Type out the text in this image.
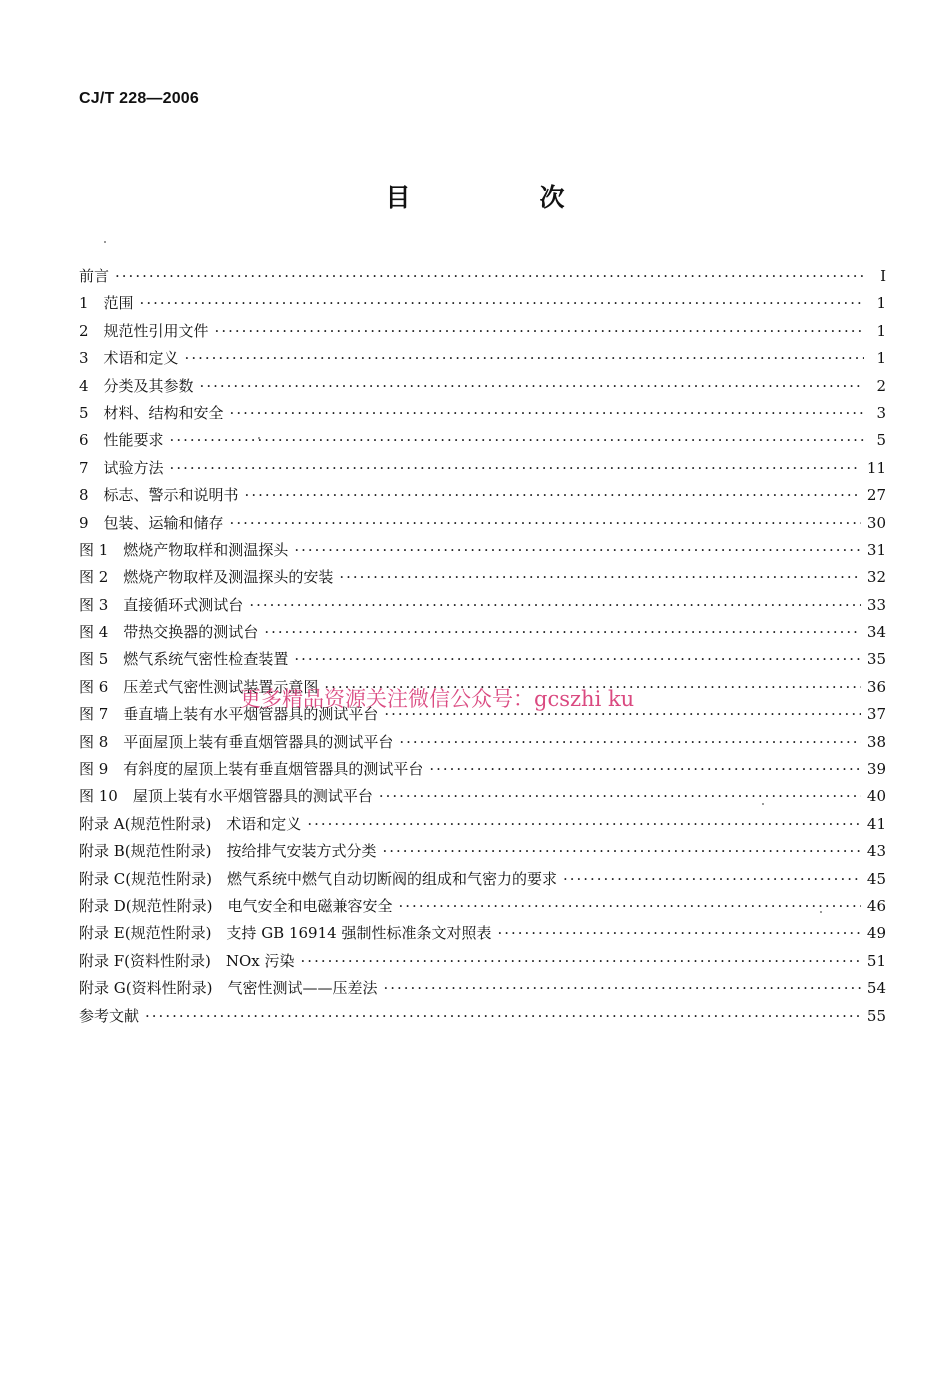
CJ/T 228—2006
目　次
前言 ·····	I
1　范围 ·····	1
2　规范性引用文件 ·····	1
3　术语和定义 ·····	1
4　分类及其参数 ·····	2
5　材料、结构和安全 ·····	3
6　性能要求 ·····	5
7　试验方法 ·····	11
8　标志、警示和说明书 ·····	27
9　包装、运输和储存 ·····	30
图 1　燃烧产物取样和测温探头 ·····	31
图 2　燃烧产物取样及测温探头的安装 ·····	32
图 3　直接循环式测试台 ·····	33
图 4　带热交换器的测试台 ·····	34
图 5　燃气系统气密性检查装置 ·····	35
图 6　压差式气密性测试装置示意图 ·····	36
图 7　垂直墙上装有水平烟管器具的测试平台 ·····	37
图 8　平面屋顶上装有垂直烟管器具的测试平台 ·····	38
图 9　有斜度的屋顶上装有垂直烟管器具的测试平台 ·····	39
图 10　屋顶上装有水平烟管器具的测试平台 ·····	40
附录 A(规范性附录)　术语和定义 ·····	41
附录 B(规范性附录)　按给排气安装方式分类 ·····	43
附录 C(规范性附录)　燃气系统中燃气自动切断阀的组成和气密力的要求 ·····	45
附录 D(规范性附录)　电气安全和电磁兼容安全 ·····	46
附录 E(规范性附录)　支持 GB 16914 强制性标准条文对照表 ·····	49
附录 F(资料性附录)　NOx 污染 ·····	51
附录 G(资料性附录)　气密性测试——压差法 ·····	54
参考文献 ·····	55
更多精品资源关注微信公众号：gcszhi ku
